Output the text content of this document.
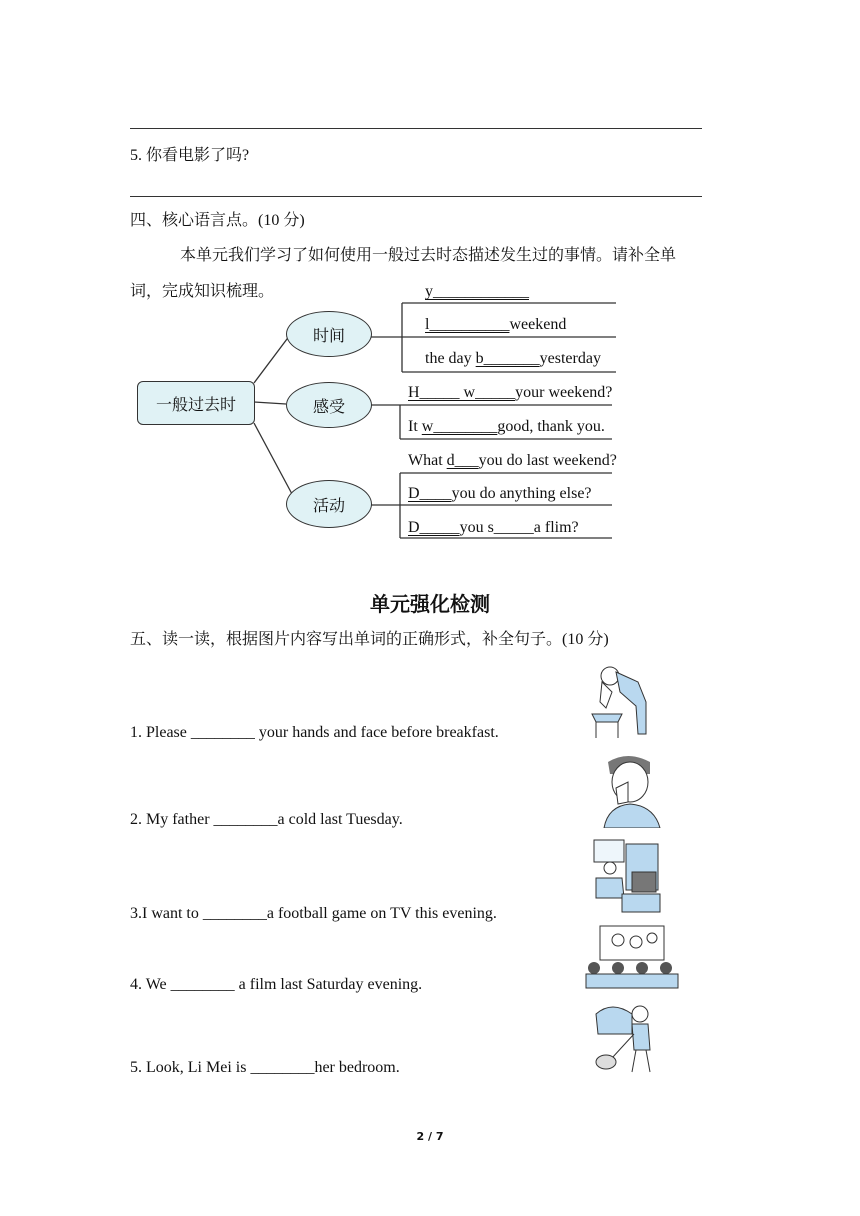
5. 你看电影了吗?
四、核心语言点。(10 分)
本单元我们学习了如何使用一般过去时态描述发生过的事情。请补全单
词，完成知识梳理。
一般过去时
时间
感受
活动
y____________
l__________weekend
the day b_______yesterday
H_____ w_____your weekend?
It w________good, thank you.
What d___you do last weekend?
D____you do anything else?
D_____you s_____a flim?
单元强化检测
五、读一读，根据图片内容写出单词的正确形式，补全句子。(10 分)
1. Please ________ your hands and face before breakfast.
2. My father ________a cold last Tuesday.
3.I want to ________a football game on TV this evening.
4. We ________ a film last Saturday evening.
5. Look, Li Mei is ________her bedroom.
2 / 7
